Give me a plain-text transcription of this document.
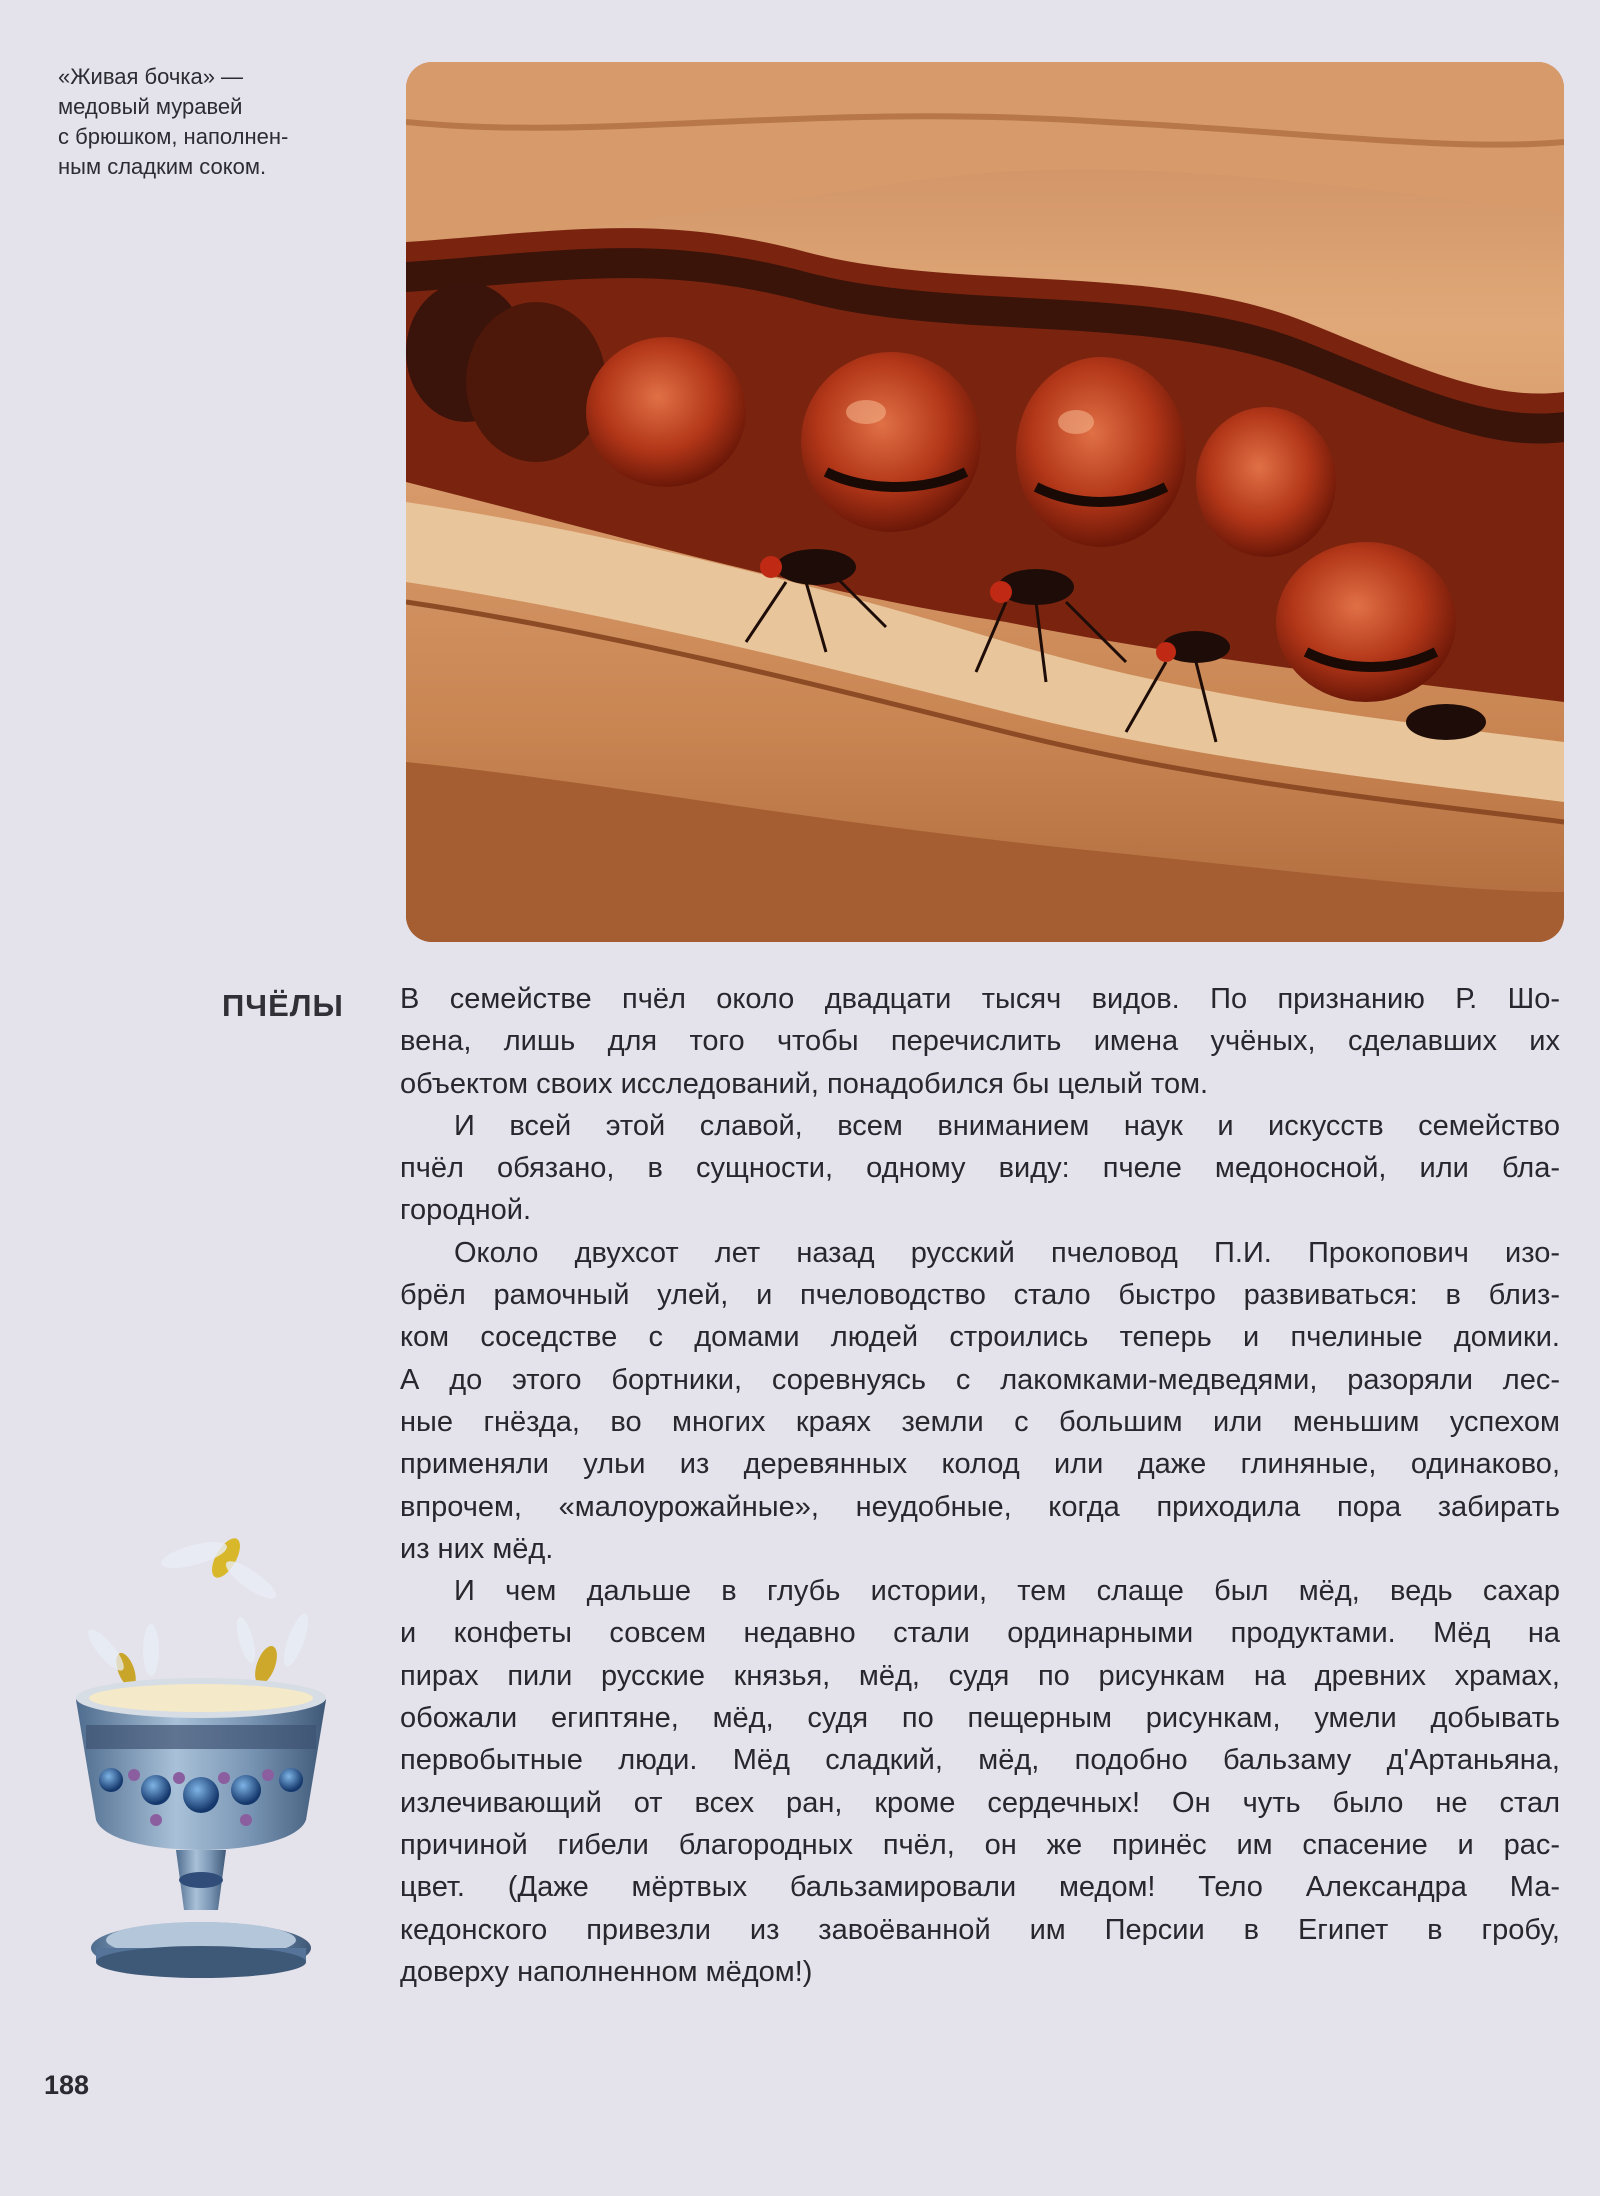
«Живая бочка» —
медовый муравей
с брюшком, наполнен-
ным сладким соком.
ПЧЁЛЫ В семействе пчёл около двадцати тысяч видов. По признанию Р. Шо-
вена, лишь для того чтобы перечислить имена учёных, сделавших их
объектом своих исследований, понадобился бы целый том.

И всей этой славой, всем вниманием наук и искусств семейство
пчёл обязано, в сущности, одному виду: пчеле медоносной, или бла-
городной.

Около двухсот лет назад русский пчеловод П.И. Прокопович изо-
брёл рамочный улей, и пчеловодство стало быстро развиваться: в близ-
ком соседстве с домами людей строились теперь и пчелиные домики.
А до этого бортники, соревнуясь с лакомками-медведями, разоряли лес-
ные гнёзда, во многих краях земли с большим или меньшим успехом
применяли ульи из деревянных колод или даже глиняные, одинаково,
впрочем, «малоурожайные», неудобные, когда приходила пора забирать
из них мёд.

И чем дальше в глубь истории, тем слаще был мёд, ведь сахар
и конфеты совсем недавно стали ординарными продуктами. Мёд на
пирах пили русские князья, мёд, судя по рисункам на древних храмах,
обожали египтяне, мёд, судя по пещерным рисункам, умели добывать
первобытные люди. Мёд сладкий, мёд, подобно бальзаму д'Артаньяна,
излечивающий от всех ран, кроме сердечных! Он чуть было не стал
причиной гибели благородных пчёл, он же принёс им спасение и рас-
цвет. (Даже мёртвых бальзамировали медом! Тело Александра Ма-
кедонского привезли из завоёванной им Персии в Египет в гробу,
доверху наполненном мёдом!)

188
